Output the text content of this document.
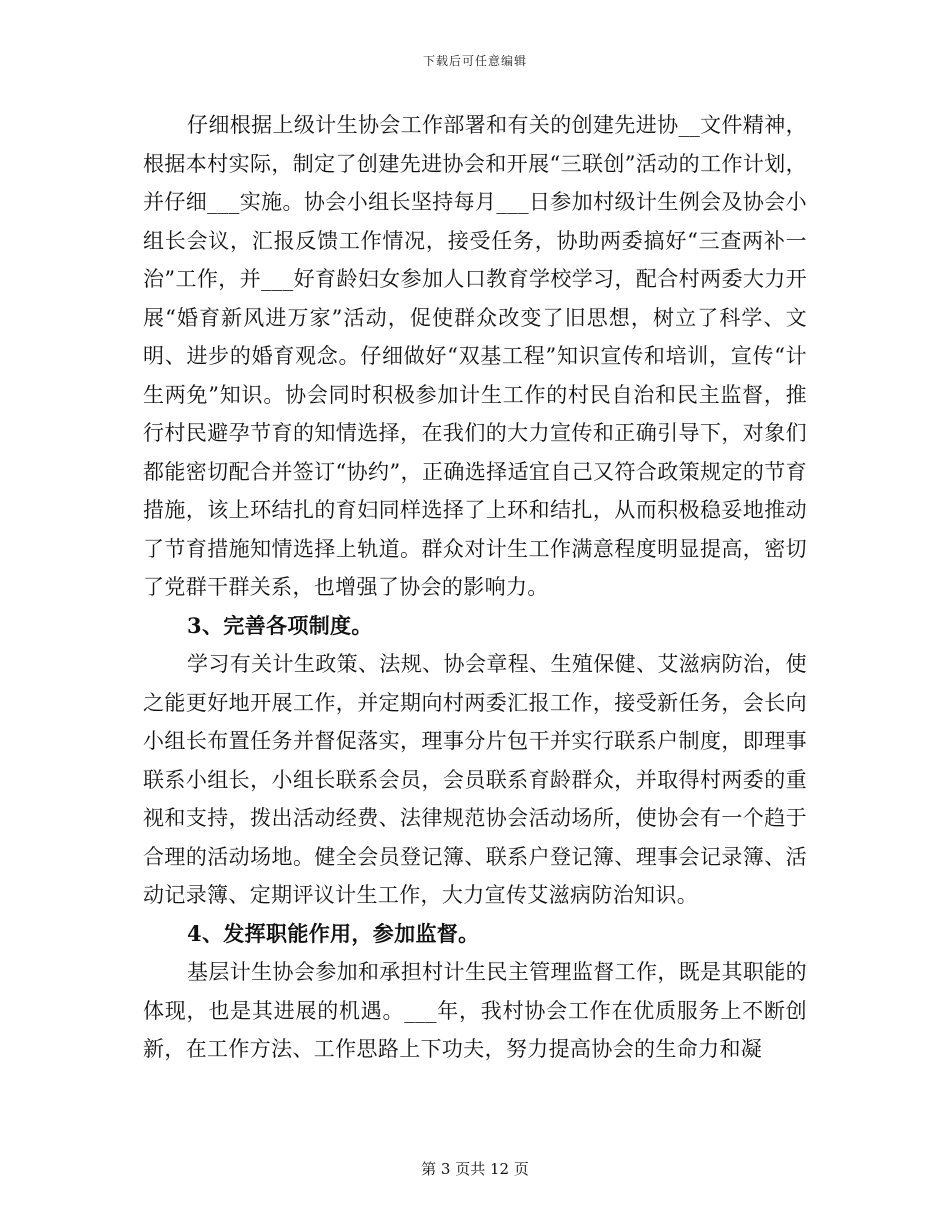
下载后可任意编辑

仔细根据上级计生协会工作部署和有关的创建先进协__文件精神，根据本村实际，制定了创建先进协会和开展“三联创”活动的工作计划，并仔细___实施。协会小组长坚持每月___日参加村级计生例会及协会小组长会议，汇报反馈工作情况，接受任务，协助两委搞好“三查两补一治”工作，并___好育龄妇女参加人口教育学校学习，配合村两委大力开展“婚育新风进万家”活动，促使群众改变了旧思想，树立了科学、文明、进步的婚育观念。仔细做好“双基工程”知识宣传和培训，宣传“计生两免”知识。协会同时积极参加计生工作的村民自治和民主监督，推行村民避孕节育的知情选择，在我们的大力宣传和正确引导下，对象们都能密切配合并签订“协约”，正确选择适宜自己又符合政策规定的节育措施，该上环结扎的育妇同样选择了上环和结扎，从而积极稳妥地推动了节育措施知情选择上轨道。群众对计生工作满意程度明显提高，密切了党群干群关系，也增强了协会的影响力。

3、完善各项制度。

学习有关计生政策、法规、协会章程、生殖保健、艾滋病防治，使之能更好地开展工作，并定期向村两委汇报工作，接受新任务，会长向小组长布置任务并督促落实，理事分片包干并实行联系户制度，即理事联系小组长，小组长联系会员，会员联系育龄群众，并取得村两委的重视和支持，拨出活动经费、法律规范协会活动场所，使协会有一个趋于合理的活动场地。健全会员登记簿、联系户登记簿、理事会记录簿、活动记录簿、定期评议计生工作，大力宣传艾滋病防治知识。

4、发挥职能作用，参加监督。

基层计生协会参加和承担村计生民主管理监督工作，既是其职能的体现，也是其进展的机遇。___年，我村协会工作在优质服务上不断创新，在工作方法、工作思路上下功夫，努力提高协会的生命力和凝

第 3 页共 12 页
